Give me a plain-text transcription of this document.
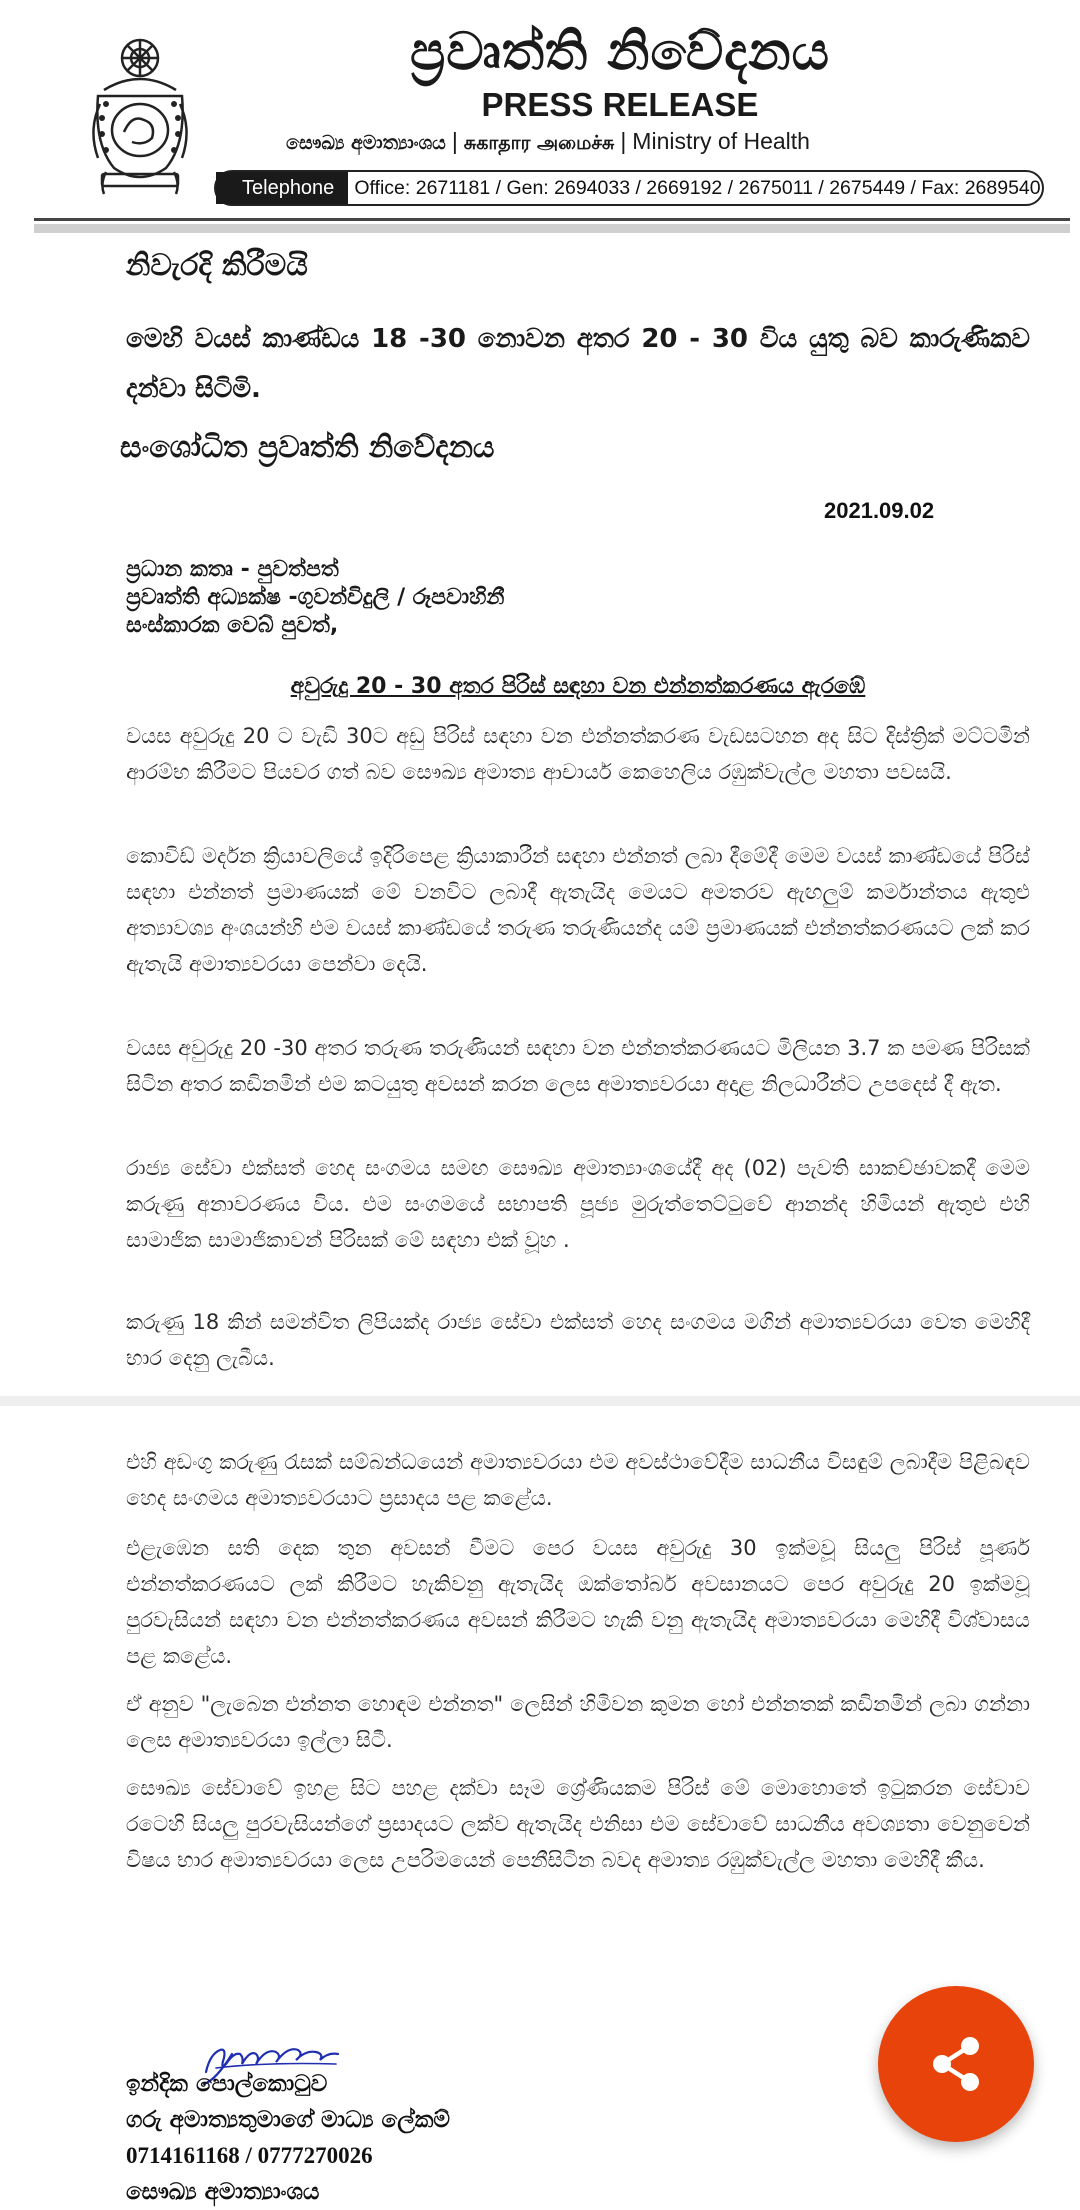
ප්‍රවෘත්ති නිවේදනය
PRESS RELEASE
සෞඛ්‍ය අමාත්‍යාංශය | சுகாதார அமைச்சு | Ministry of Health
Telephone	Office: 2671181 / Gen: 2694033 / 2669192 / 2675011 / 2675449 / Fax: 2689540
නිවැරදි කිරීමයි
මෙහි වයස් කාණ්ඩය 18 -30 නොවන අතර 20 - 30 විය යුතු බව කාරුණිකව දන්වා සිටිමි.
සංශෝධිත ප්‍රවෘත්ති නිවේදනය
2021.09.02
ප්‍රධාන කතෘ - පුවත්පත්
ප්‍රවෘත්ති අධ්‍යක්ෂ -ගුවන්විදුලි / රූපවාහිනී
සංස්කාරක වෙබ් පුවත්,
අවුරුදු 20 - 30 අතර පිරිස් සඳහා වන එන්නත්කරණය ඇරඹේ
වයස අවුරුදු 20 ට වැඩි 30ට අඩු පිරිස් සඳහා වන එන්නත්කරණ වැඩසටහන අද සිට දිස්ත්‍රික් මට්ටමින් ආරම්භ කිරීමට පියවර ගත් බව සෞඛ්‍ය අමාත්‍ය ආචාර්ය කෙහෙලිය රඹුක්වැල්ල මහතා පවසයි.
කොවිඩ් මර්දන ක්‍රියාවලියේ ඉදිරිපෙළ ක්‍රියාකාරීන් සඳහා එන්නත් ලබා දීමේදී මෙම වයස් කාණ්ඩයේ පිරිස් සඳහා එන්නත් ප්‍රමාණයක් මේ වනවිට ලබාදී ඇතැයිද මෙයට අමතරව ඇඟලුම් කර්මාන්තය ඇතුළු අත්‍යාවශ්‍ය අංශයන්හි එම වයස් කාණ්ඩයේ තරුණ තරුණියන්ද යම් ප්‍රමාණයක් එන්නත්කරණයට ලක් කර ඇතැයි අමාත්‍යවරයා පෙන්වා දෙයි.
වයස අවුරුදු 20 -30 අතර තරුණ තරුණියන් සඳහා වන එන්නත්කරණයට මිලියන 3.7 ක පමණ පිරිසක් සිටින අතර කඩිනමින් එම කටයුතු අවසන් කරන ලෙස අමාත්‍යවරයා අදාළ නිලධාරීන්ට උපදෙස් දී ඇත.
රාජ්‍ය සේවා එක්සත් හෙද සංගමය සමඟ සෞඛ්‍ය අමාත්‍යාංශයේදී අද (02) පැවති සාකච්ඡාවකදී මෙම කරුණු අනාවරණය විය. එම සංගමයේ සභාපති පූජ්‍ය මුරුත්තෙට්ටුවේ ආනන්ද හිමියන් ඇතුළු එහි සාමාජික සාමාජිකාවන් පිරිසක් මේ සඳහා එක් වූහ .
කරුණු 18 කින් සමන්විත ලිපියක්ද රාජ්‍ය සේවා එක්සත් හෙද සංගමය මගින් අමාත්‍යවරයා වෙත මෙහිදී භාර දෙනු ලැබීය.
එහි අඩංගු කරුණු රැසක් සම්බන්ධයෙන් අමාත්‍යවරයා එම අවස්ථාවේදීම සාධනීය විසඳුම් ලබාදීම පිළිබඳව හෙද සංගමය අමාත්‍යවරයාට ප්‍රසාදය පළ කළේය.
එළැඹෙන සති දෙක තුන අවසන් වීමට පෙර වයස අවුරුදු 30 ඉක්මවූ සියලු පිරිස් පූර්ණ එන්නත්කරණයට ලක් කිරීමට හැකිවනු ඇතැයිද ඔක්තෝබර් අවසානයට පෙර අවුරුදු 20 ඉක්මවූ පුරවැසියන් සඳහා වන එන්නත්කරණය අවසන් කිරීමට හැකි වනු ඇතැයිද අමාත්‍යවරයා මෙහිදී විශ්වාසය පළ කළේය.
ඒ අනුව "ලැබෙන එන්නත හොඳම එන්නත" ලෙසින් හිමිවන කුමන හෝ එන්නතක් කඩිනමින් ලබා ගන්නා ලෙස අමාත්‍යවරයා ඉල්ලා සිටී.
සෞඛ්‍ය සේවාවේ ඉහළ සිට පහළ දක්වා සෑම ශ්‍රේණියකම පිරිස් මේ මොහොතේ ඉටුකරන සේවාව රටෙහි සියලු පුරවැසියන්ගේ ප්‍රසාදයට ලක්ව ඇතැයිද එනිසා එම සේවාවේ සාධනීය අවශ්‍යතා වෙනුවෙන් විෂය භාර අමාත්‍යවරයා ලෙස උපරිමයෙන් පෙනීසිටින බවද අමාත්‍ය රඹුක්වැල්ල මහතා මෙහිදී කීය.
ඉන්දික පොල්කොටුව
ගරු අමාත්‍යතුමාගේ මාධ්‍ය ලේකම්
0714161168 / 0777270026
සෞඛ්‍ය අමාත්‍යාංශය
